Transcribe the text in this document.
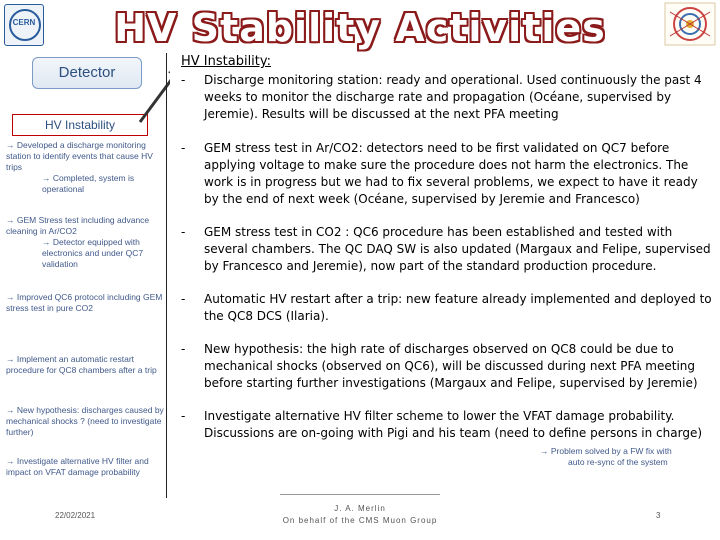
CERN	HV Stability Activities
Detector
HV Instability
→ Developed a discharge monitoring station to identify events that cause HV trips
→ Completed, system is operational
→ GEM Stress test including advance cleaning in Ar/CO2
→ Detector equipped with electronics and under QC7 validation
→ Improved QC6 protocol including GEM stress test in pure CO2
→ Implement an automatic restart procedure for QC8 chambers after a trip
→ New hypothesis: discharges caused by mechanical shocks ? (need to investigate further)
→ Investigate alternative HV filter and impact on VFAT damage probability
→ Problem solved by a FW fix with
auto re-sync of the system
HV Instability:
-	Discharge monitoring station: ready and operational. Used continuously the past 4 weeks to monitor the discharge rate and propagation (Océane, supervised by Jeremie). Results will be discussed at the next PFA meeting
-	GEM stress test in Ar/CO2: detectors need to be first validated on QC7 before applying voltage to make sure the procedure does not harm the electronics. The work is in progress but we had to fix several problems, we expect to have it ready by the end of next week (Océane, supervised by Jeremie and Francesco)
-	GEM stress test in CO2 : QC6 procedure has been established and tested with several chambers. The QC DAQ SW is also updated (Margaux and Felipe, supervised by Francesco and Jeremie), now part of the standard production procedure.
-	Automatic HV restart after a trip: new feature already implemented and deployed to the QC8 DCS (Ilaria).
-	New hypothesis: the high rate of discharges observed on QC8 could be due to mechanical shocks (observed on QC6), will be discussed during next PFA meeting before starting further investigations (Margaux and Felipe, supervised by Jeremie)
-	Investigate alternative HV filter scheme to lower the VFAT damage probability. Discussions are on-going with Pigi and his team (need to define persons in charge)
22/02/2021
J. A. Merlin
On behalf of the CMS Muon Group
3
